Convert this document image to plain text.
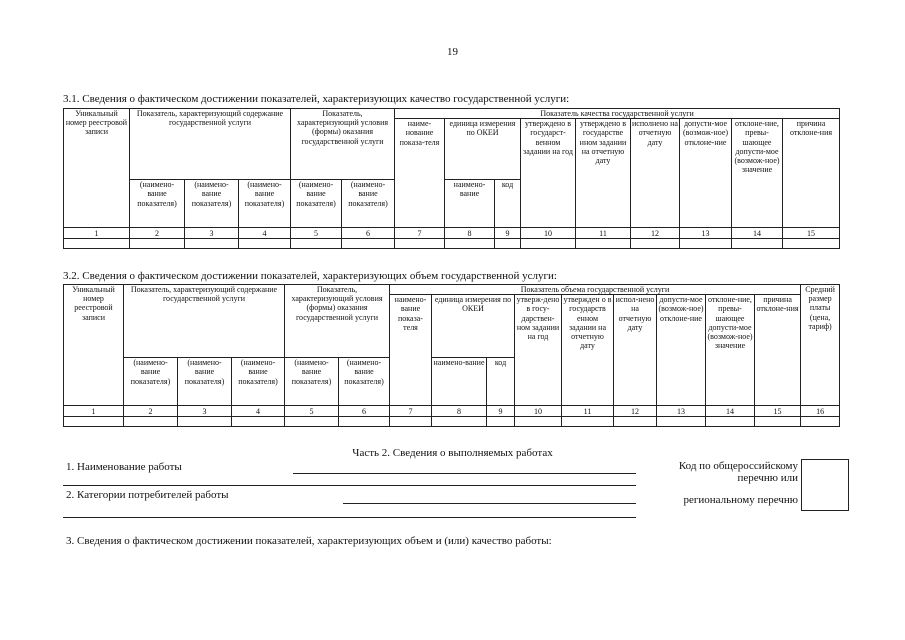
19
3.1. Сведения о фактическом достижении показателей, характеризующих качество государственной услуги:
Уникальный номер реестровой записи	Показатель, характеризующий содержание государственной услуги			Показатель, характеризующий условия (формы) оказания государственной услуги		Показатель качества государственной услуги								
						наиме-нование показа-теля	единица измерения по ОКЕИ		утверждено в государст-венном задании на год	утверждено в государстве нном задании на отчетную дату	исполнено на отчетную дату	допусти-мое (возмож-ное) отклоне-ние	отклоне-ние, превы-шающее допусти-мое (возмож-ное) значение	причина отклоне-ния
	(наимено-вание показателя)	(наимено-вание показателя)	(наимено-вание показателя)	(наимено-вание показателя)	(наимено-вание показателя)		наимено-вание	код						

1	2	3	4	5	6	7	8	9	10	11	12	13	14	15

3.2. Сведения о фактическом достижении показателей, характеризующих объем государственной услуги:
Уникальный номер реестровой записи	Показатель, характеризующий содержание государственной услуги			Показатель, характеризующий условия (формы) оказания государственной услуги		Показатель объема государственной услуги									Средний размер платы (цена, тариф)
						наимено-вание показа-теля	единица измерения по ОКЕИ		утверж-дено в госу-дарствен-ном задании на год	утвержден о в государств енном задании на отчетную дату	испол-нено на отчетную дату	допусти-мое (возмож-ное) отклоне-ние	отклоне-ние, превы-шающее допусти-мое (возмож-ное) значение	причина отклоне-ния	
	(наимено-вание показателя)	(наимено-вание показателя)	(наимено-вание показателя)	(наимено-вание показателя)	(наимено-вание показателя)		наимено-вание	код							

1	2	3	4	5	6	7	8	9	10	11	12	13	14	15	16

Часть 2. Сведения о выполняемых работах
1. Наименование работы
2. Категории потребителей работы
Код по общероссийскому
перечню или
региональному перечню
3. Сведения о фактическом достижении показателей, характеризующих объем и (или) качество работы:
